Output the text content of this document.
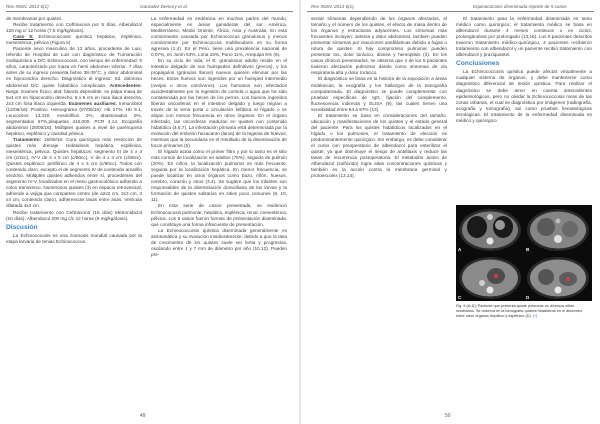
Rev INSN. 2013 6(1)	Gonzalez Demory et al

de membranas por quistes.

Recibe tratamiento con Ceftriaxona por 5 días, Albendazol 120 mg c/ 12 horas (7,5 mg/kg/dosis).

Caso 5: Echinococcosis quística hepática, esplénica, mesentérica, pélvica (Figura 5)

Paciente sexo masculino de 13 años, procedente de Luis, referido de Hospital de Luis con diagnóstico de Tumoración multiquística a D/C Echinococosis, con tiempo de enfermedad: 9 años, caracterizado por masa en hemi abdomen inferior. 7 días antes de su ingreso presenta fiebre 38-39°C, y dolor abdominal en hipocondrio derecho. Diagnóstico al ingreso: Sd. doloroso abdominal D/C quiste hidatídico complicado. Antecedentes: Niega. Examen físico: abd: blando depresible, se palpa masa de 5x4 cm en hipocondrio derecho, 6 x 5 cm en fosa iliaca derecha, 2x3 cm fosa iliaca izquierda. Exámenes auxiliares: Inmunoblot (12/06/16): Positivo. Hemograma (07/06/16): Hb 27%, Hb 9.1, Leucocitos 13,320, eosinófilos 2%, abastonados 0%, segmentados 67%,plaquetas 416,000. PCR 4.14. Ecografía abdominal (28/05/16): Múltiples quistes a nivel de parénquima hepático, esplénico y cavidad pélvica.

Tratamiento: 16/06/16: Cura quirúrgica más resección de quistes más drenaje. Hidatidosis hepática, esplénica, mesentérica, pélvica. Quistes hepáticos: segmento III de 4 x 4 cm (c/2cc), IV-V de 4 x 5 cm (c/80cc), V de 4 x 3 cm (c/80cc). Quistes esplénico: periférico de 4 x 4 cm (c/80cc). Todos con contenido claro, excepto el de segmento IV de contenido amarillo verdoso. Múltiples quistes adheridos entre sí, procedentes del segmento IV-V, localizados en el meso gastrocolónico adherido a colon transverso: Numerosos quistes (3) en espacio retrovesical, adherido a vejiga que comparten centro (de a2x2 cm, 3x3 cm, 3 x4 cm, contenido claro), adherencias laxas entre asas. Vesícula dilatada 4x3 cm.

Recibe tratamiento con Ceftriaxona (16 días) Metronidazol (10 días), Albendazol 200 mg c/c 12 horas (9 mg/kg/dosis).

Discusión

La Echinococosis es una zoonosis mundial causada por la etapa larvaria de tenias Echinococcus.

La enfermedad es endémica en muchas partes del mundo, especialmente en áreas ganaderas del sur América, Mediterráneo, Medio Oriente, África, Asia y Australia. En esta comúnmente causada por Echinococcus granulosus y menos comúnmente por Echinococcus multilocularis en su forma agresiva (1,4). En el Perú, tiene una prevalencia nacional de 0,07%, en Junín 53%, Lima 15%, Puno 11%, Arequipa 5% (6).

En su ciclo de vida, el E. granulosus adulto reside en el intestino delgado de sus huéspedes definitivos (perros), y los propágulos (gránulos llanos) nuevos quieren eliminar por las heces. Estos huevos son ingeridos por un huésped intermedio (ovejas u otros carnívoros). Los humanos son infectados accidentalmente por la ingestión de comida o agua que ha sido contaminada por las heces de los perros. Los huevos ingeridos liberan oncosferas en el intestino delgado y luego migran a través de la vena porta o circulación linfática al hígado o se alojan con menos frecuencia en otros órganos. En el órgano infectado, las oncosferas maduran en quistes con contenido hidatídico (4,5,7). La infestación primaria está determinada por la evolución del embrión hexacanto (larva) de la tegenia de huevos, mientras que la secundaria es el resultado de la diseminación de focos primarios (5).

El hígado actúa como el primer filtro y por lo tanto es el sitio más común de localización en adultos (75%), seguido de pulmón (20%). En niños, la localización pulmonar es más frecuente, seguida por la localización hepática. En menor frecuencia, se puede localizar en otros órganos como bazo, riñón, huesos, cerebro, corazón y otros (3,4). Se sugiere que los infantes son responsables de la diseminación domiciliaria de las larvas y la formación de quistes solitarios en sitios poco comunes (8, 10, 11).

En esta serie de casos presentada, se evidenció Echinococosis pulmonar, hepática, esplénica, renal, mesentérica, pélvica. Los 5 casos fueron formas de presentación diseminada, que constituye una forma infrecuente de presentación.

La Echinococcosis quística diseminada generalmente es asintomática y su evolución insidiosamente, debido a que la tasa de crecimiento de los quistes suele ser lenta y progresiva, oscilando entre 1 y 7 mm de diámetro por año (10,12). Pueden pre-

49
Rev INSN. 2013 6(1)	Equinococosis diseminada reporte de 5 casos

sentar síntomas dependiendo de los órganos afectados, el tamaño y el número de los quistes, el efecto de masa dentro de los órganos y estructuras adyacentes. Los síntomas más frecuentes incluyen: astenia y dolor abdominal, también pueden presentar síntomas por reacciones anafilácticas debido a fugas o rotura de quistes. Si hay compromiso pulmonar pueden presentar tos, dolor torácico, disnea y hemoptisis (3). En los casos clínicos presentados, se observa que 4 de los 5 pacientes tuvieron afectación pulmonar dando como síntomas de vía respiratoria alta y dolor torácico.

El diagnóstico se basa en la historia de la exposición a áreas endémicas, la ecografía y los hallazgos de la tomografía computarizada. El diagnóstico se puede complementar con pruebas específicas de IgG, fijación del complemento, fluorescencia indirecta y ELISA (9), las cuales tienen una sensibilidad entre 64 a 97% (13).

El tratamiento se basa en consideraciones del tamaño, ubicación y manifestaciones de los quistes y el estado general del paciente. Para los quistes hidatídicos localizados en el hígado o los pulmones, el tratamiento de elección es predominantemente quirúrgico. Sin embargo, es debe considerar el curso con preoperatorio de albendazol para esterilizar el quiste, ya que disminuye el riesgo de anafilaxis y reduce las tasas de recurrencia postoperatoria. El metabolito activo de Albendazol (sulfóxido) logra altas concentraciones quísticas y también es la acción contra la membrana germinal y protoescolex (13,14).

El tratamiento para la enfermedad diseminada es tanto médico como quirúrgico; el tratamiento médico se basa en albendazol durante 4 meses continuos o en ciclos, prolongándose por prolongado (13,16). Los 5 pacientes descritos tuvieron tratamiento médico-quirúrgico, 4 pacientes recibieron tratamiento con albendazol y un paciente recibió tratamiento con albendazol y praziquantel.

Conclusiones

La Echinococcosis quística puede afectar virtualmente a cualquier sistema de órganos, y debe mantenerse como diagnóstico diferencial de lesión quística. Para realizar el diagnóstico se debe tener en cuenta antecedentes epidemiológicos, pero no olvidar la Echinococcosis raras de las zonas urbanas, el cual se diagnóstica por imágenes (radiografía, ecografía y tomografía), así como pruebas hematológicas serológicas. El tratamiento de la enfermedad diseminada es médico y quirúrgico.

A	B
C	D
Fig. 5 (A-D): Paciente que presenta quiste pulmonar en diversos sitios mostrados. Se observa en la tomografía quistes hidatídicos en el abdomen, entre otros órganos hepático y esplénico (D). [+]
50
